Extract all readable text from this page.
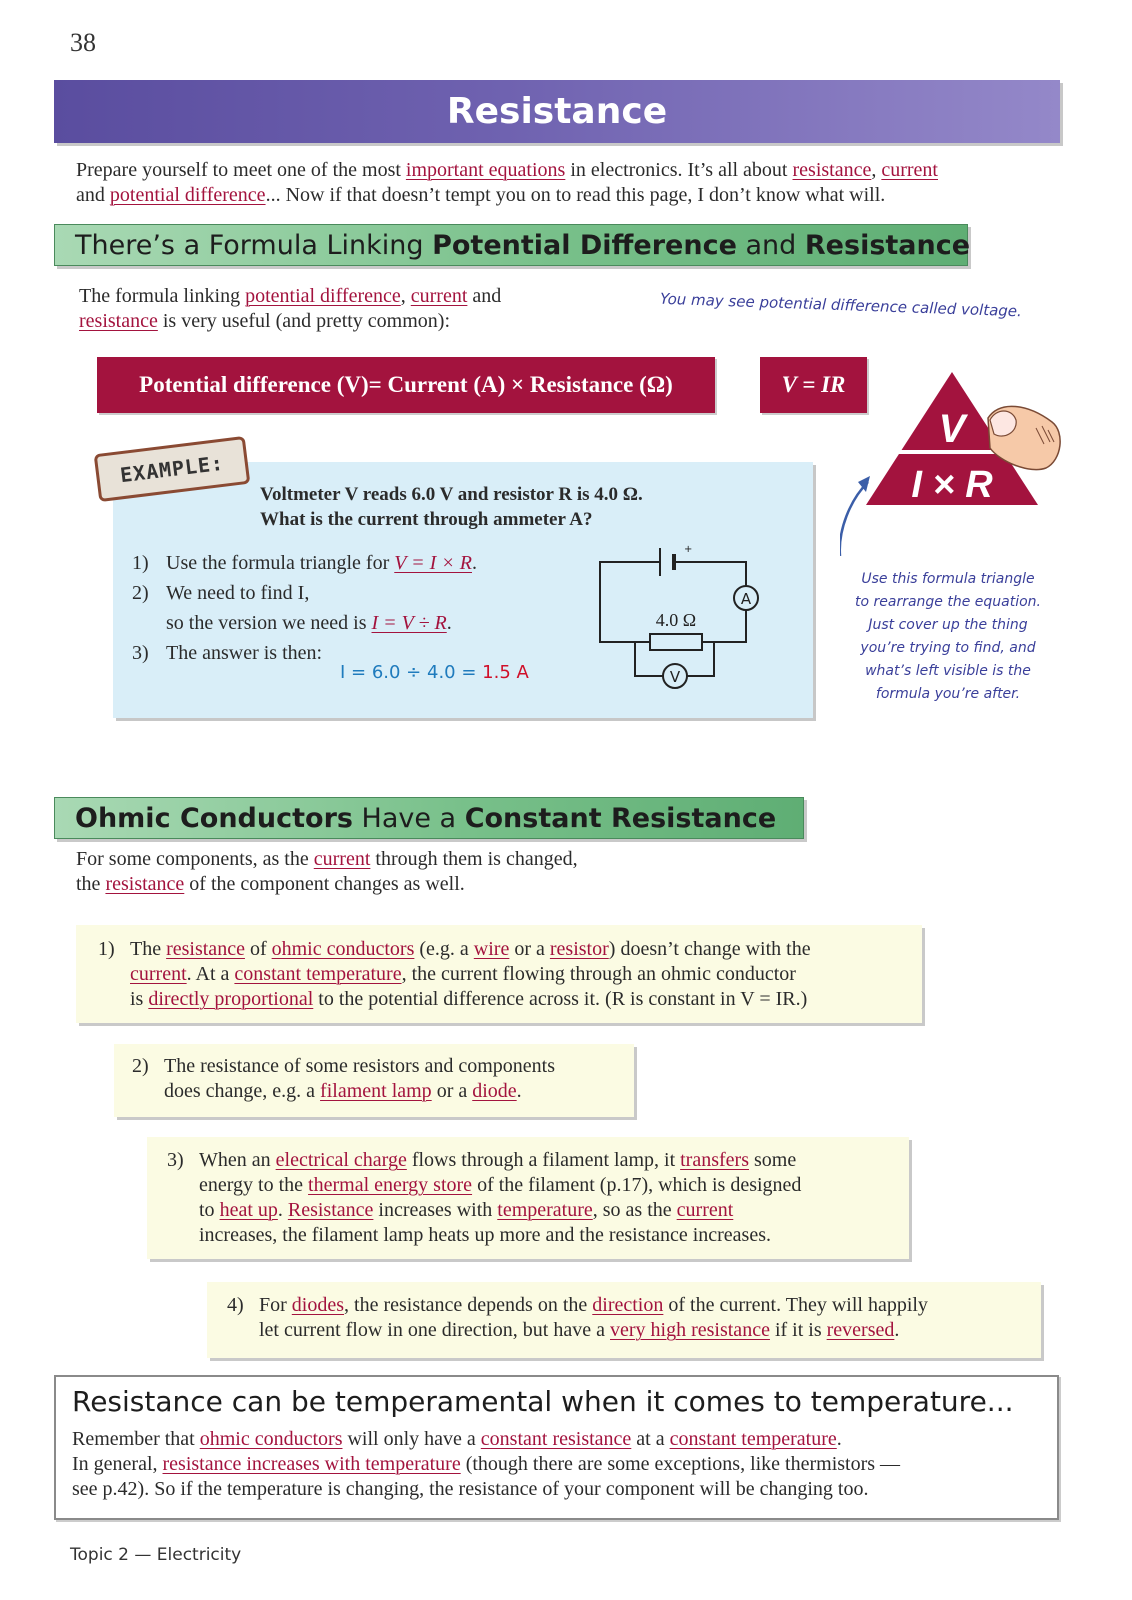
38
Resistance
Prepare yourself to meet one of the most important equations in electronics. It’s all about resistance, current
and potential difference... Now if that doesn’t tempt you on to read this page, I don’t know what will.
There’s a Formula Linking Potential Difference and Resistance
The formula linking potential difference, current and
resistance is very useful (and pretty common):
You may see potential difference called voltage.
Potential difference (V)= Current (A) × Resistance (Ω)	V = IR
V
I × R
Use this formula triangle to rearrange the equation. Just cover up the thing you’re trying to find, and what’s left visible is the formula you’re after.
EXAMPLE:
Voltmeter V reads 6.0 V and resistor R is 4.0 Ω.
What is the current through ammeter A?
1) Use the formula triangle for V = I × R.
2) We need to find I,
so the version we need is I = V ÷ R.
3) The answer is then:
I = 6.0 ÷ 4.0 = 1.5 A
+
4.0 Ω
A
V
Ohmic Conductors Have a Constant Resistance
For some components, as the current through them is changed,
the resistance of the component changes as well.
1) The resistance of ohmic conductors (e.g. a wire or a resistor) doesn’t change with the
current. At a constant temperature, the current flowing through an ohmic conductor
is directly proportional to the potential difference across it. (R is constant in V = IR.)
2) The resistance of some resistors and components
does change, e.g. a filament lamp or a diode.
3) When an electrical charge flows through a filament lamp, it transfers some
energy to the thermal energy store of the filament (p.17), which is designed
to heat up. Resistance increases with temperature, so as the current
increases, the filament lamp heats up more and the resistance increases.
4) For diodes, the resistance depends on the direction of the current. They will happily
let current flow in one direction, but have a very high resistance if it is reversed.
Resistance can be temperamental when it comes to temperature...
Remember that ohmic conductors will only have a constant resistance at a constant temperature.
In general, resistance increases with temperature (though there are some exceptions, like thermistors —
see p.42). So if the temperature is changing, the resistance of your component will be changing too.
Topic 2 — Electricity
